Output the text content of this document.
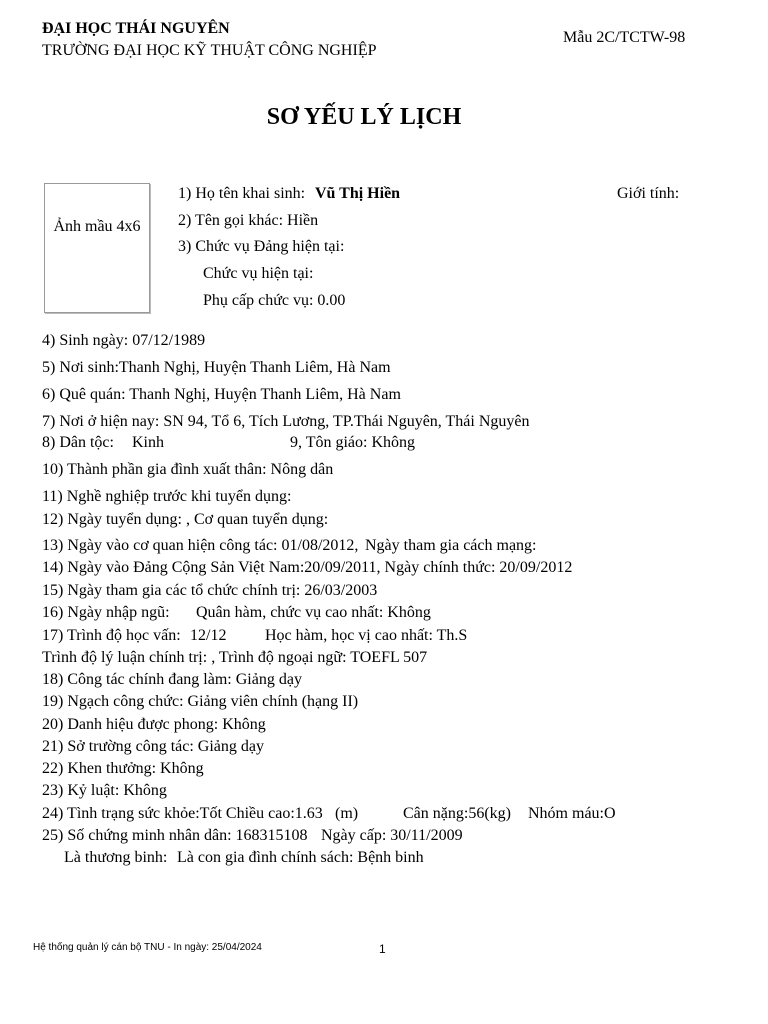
ĐẠI HỌC THÁI NGUYÊN
TRƯỜNG ĐẠI HỌC KỸ THUẬT CÔNG NGHIỆP
Mẫu 2C/TCTW-98
SƠ YẾU LÝ LỊCH
Ảnh mầu 4x6
1) Họ tên khai sinh: Vũ Thị Hiền	Giới tính:
2) Tên gọi khác: Hiền
3) Chức vụ Đảng hiện tại:
Chức vụ hiện tại:
Phụ cấp chức vụ: 0.00
4) Sinh ngày: 07/12/1989
5) Nơi sinh:Thanh Nghị, Huyện Thanh Liêm, Hà Nam
6) Quê quán: Thanh Nghị, Huyện Thanh Liêm, Hà Nam
7) Nơi ở hiện nay: SN 94, Tổ 6, Tích Lương, TP.Thái Nguyên, Thái Nguyên
8) Dân tộc: Kinh	9, Tôn giáo: Không
10) Thành phần gia đình xuất thân: Nông dân
11) Nghề nghiệp trước khi tuyển dụng:
12) Ngày tuyển dụng: , Cơ quan tuyển dụng:
13) Ngày vào cơ quan hiện công tác: 01/08/2012, Ngày tham gia cách mạng:
14) Ngày vào Đảng Cộng Sản Việt Nam:20/09/2011, Ngày chính thức: 20/09/2012
15) Ngày tham gia các tổ chức chính trị: 26/03/2003
16) Ngày nhập ngũ: Quân hàm, chức vụ cao nhất: Không
17) Trình độ học vấn: 12/12 Học hàm, học vị cao nhất: Th.S
Trình độ lý luận chính trị: , Trình độ ngoại ngữ: TOEFL 507
18) Công tác chính đang làm: Giảng dạy
19) Ngạch công chức: Giảng viên chính (hạng II)
20) Danh hiệu được phong: Không
21) Sở trường công tác: Giảng dạy
22) Khen thưởng: Không
23) Kỷ luật: Không
24) Tình trạng sức khỏe:Tốt Chiều cao:1.63 (m)	Cân nặng:56(kg) Nhóm máu:O
25) Số chứng minh nhân dân: 168315108 Ngày cấp: 30/11/2009
Là thương binh: Là con gia đình chính sách: Bệnh binh
Hệ thống quản lý cán bộ TNU - In ngày: 25/04/2024	1
